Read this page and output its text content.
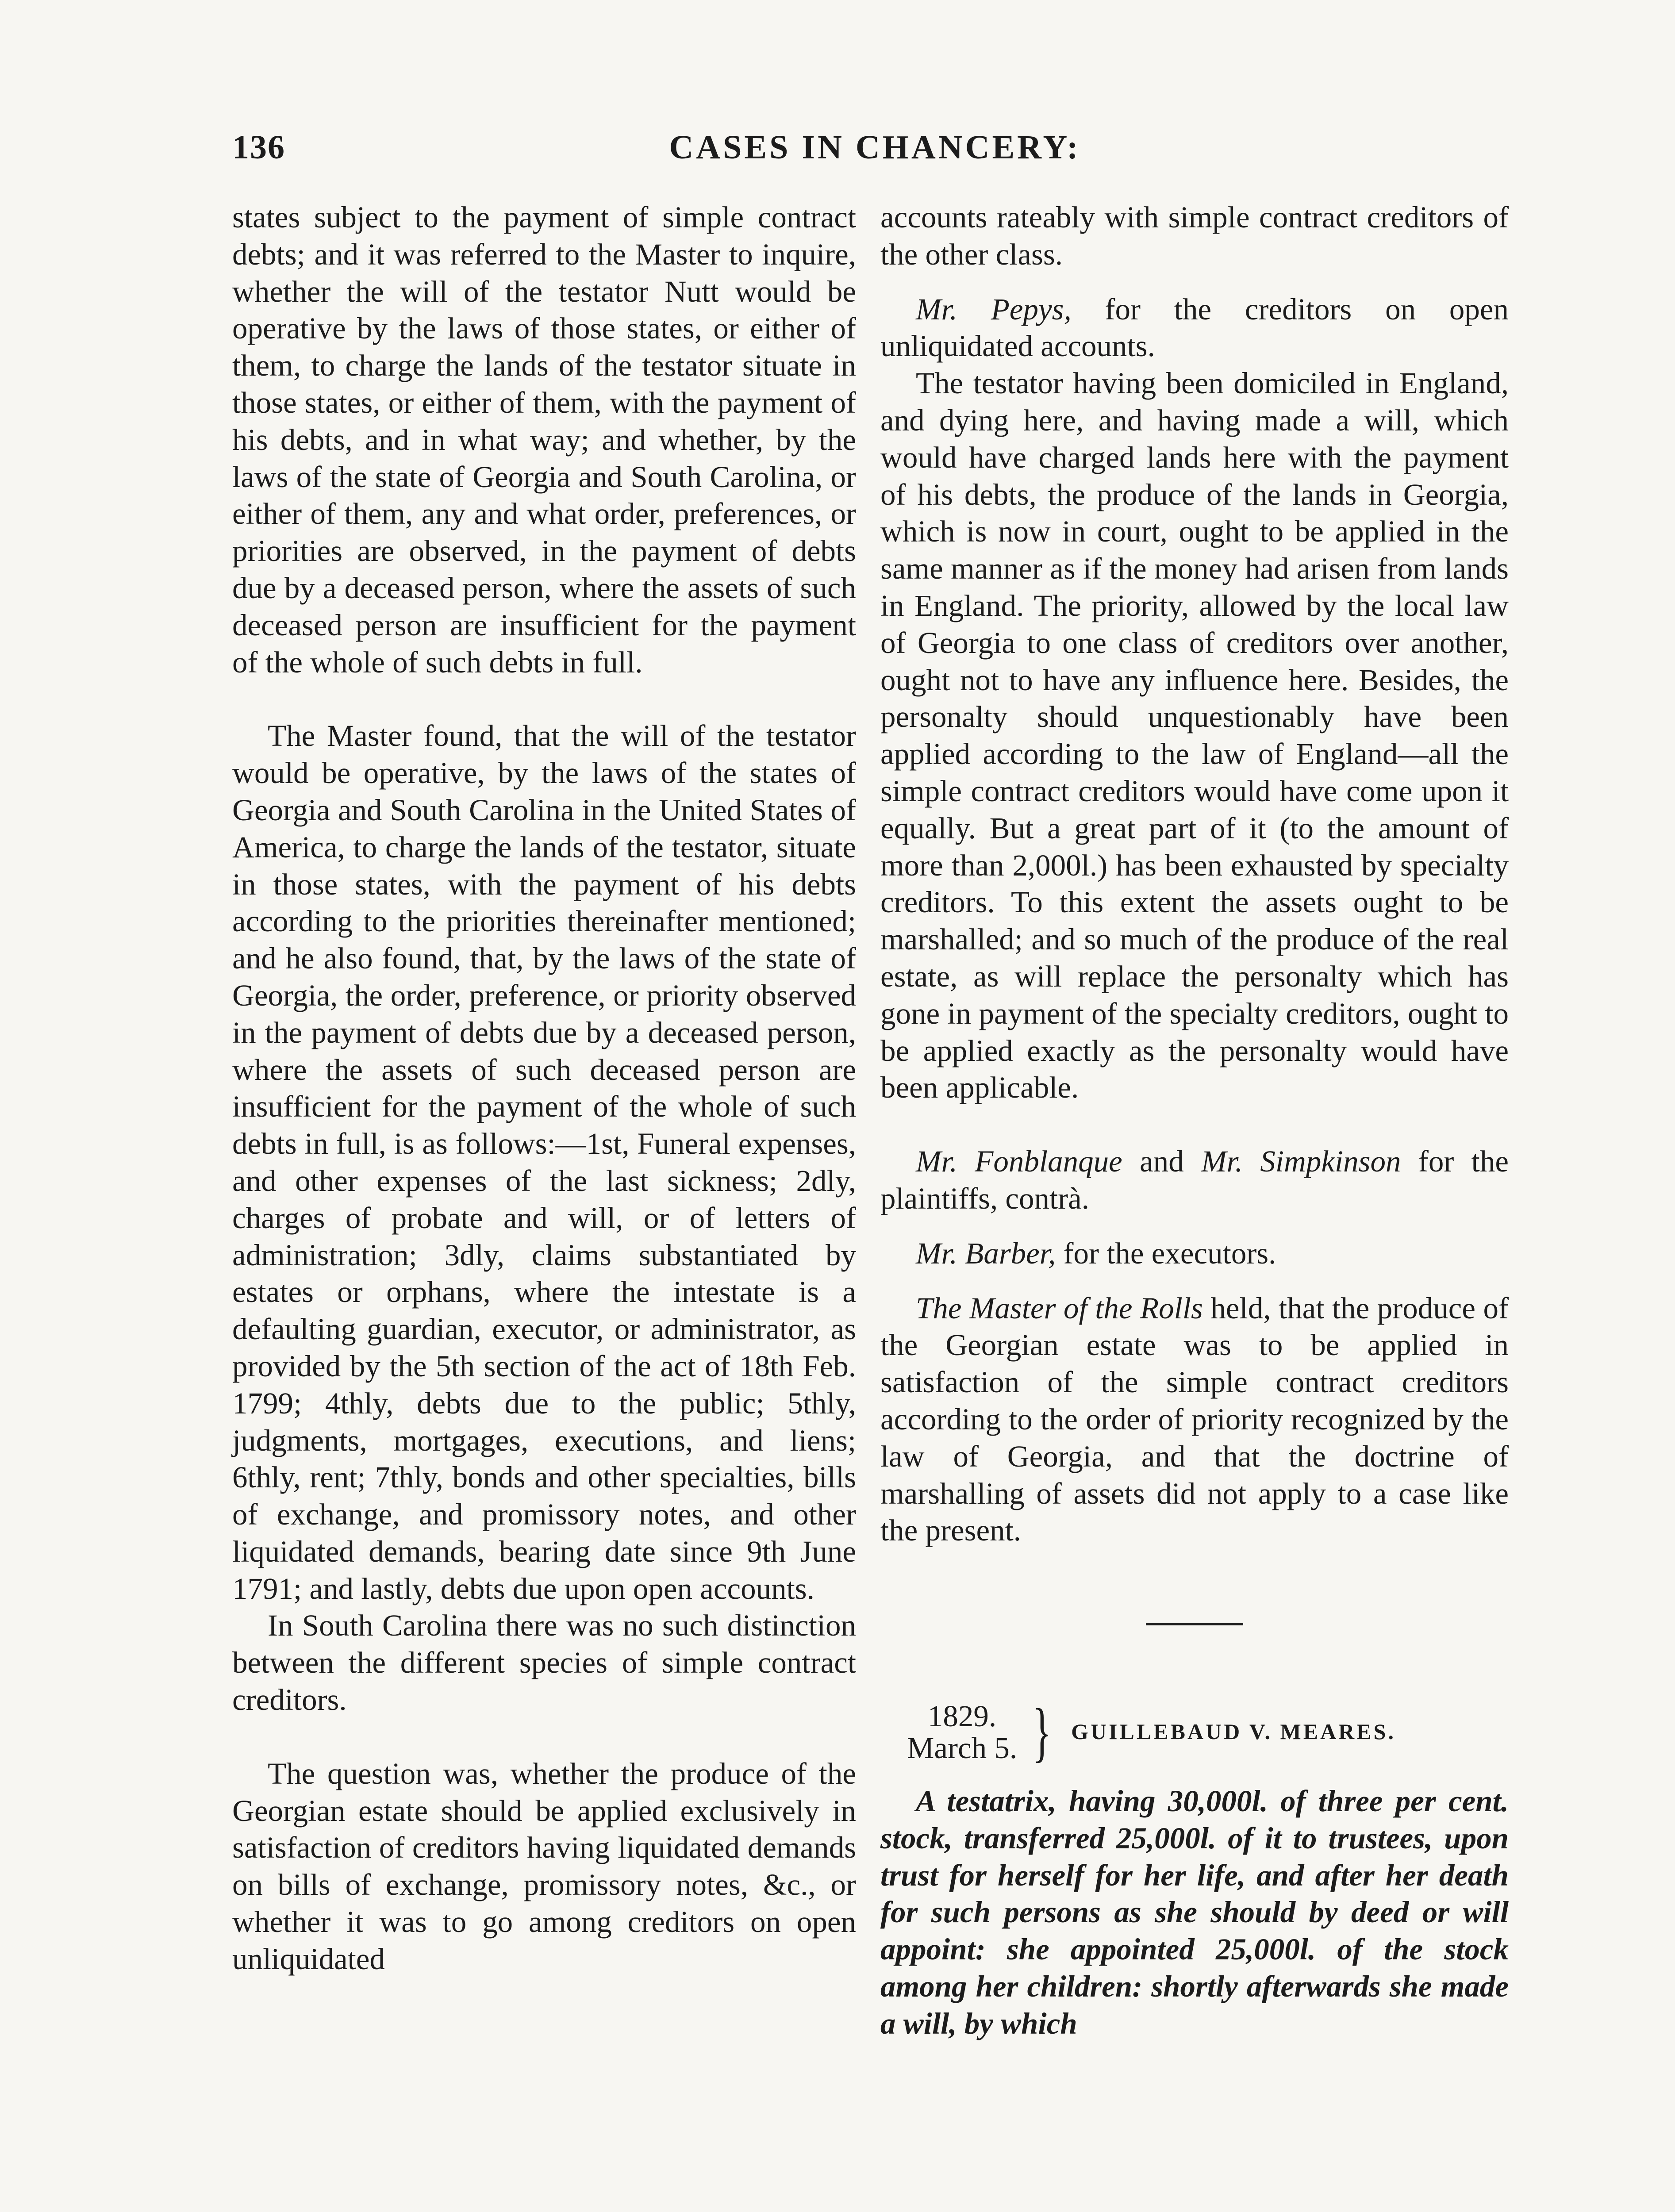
136	CASES IN CHANCERY:

states subject to the payment of simple contract debts; and it was referred to the Master to inquire, whether the will of the testator Nutt would be operative by the laws of those states, or either of them, to charge the lands of the testator situate in those states, or either of them, with the payment of his debts, and in what way; and whether, by the laws of the state of Georgia and South Carolina, or either of them, any and what order, preferences, or priorities are observed, in the payment of debts due by a deceased person, where the assets of such deceased person are insufficient for the payment of the whole of such debts in full.

The Master found, that the will of the testator would be operative, by the laws of the states of Georgia and South Carolina in the United States of America, to charge the lands of the testator, situate in those states, with the payment of his debts according to the priorities thereinafter mentioned; and he also found, that, by the laws of the state of Georgia, the order, preference, or priority observed in the payment of debts due by a deceased person, where the assets of such deceased person are insufficient for the payment of the whole of such debts in full, is as follows:—1st, Funeral expenses, and other expenses of the last sickness; 2dly, charges of probate and will, or of letters of administration; 3dly, claims substantiated by estates or orphans, where the intestate is a defaulting guardian, executor, or administrator, as provided by the 5th section of the act of 18th Feb. 1799; 4thly, debts due to the public; 5thly, judgments, mortgages, executions, and liens; 6thly, rent; 7thly, bonds and other specialties, bills of exchange, and promissory notes, and other liquidated demands, bearing date since 9th June 1791; and lastly, debts due upon open accounts.

In South Carolina there was no such distinction between the different species of simple contract creditors.

The question was, whether the produce of the Georgian estate should be applied exclusively in satisfaction of creditors having liquidated demands on bills of exchange, promissory notes, &c., or whether it was to go among creditors on open unliquidated

accounts rateably with simple contract creditors of the other class.

Mr. Pepys, for the creditors on open unliquidated accounts.

The testator having been domiciled in England, and dying here, and having made a will, which would have charged lands here with the payment of his debts, the produce of the lands in Georgia, which is now in court, ought to be applied in the same manner as if the money had arisen from lands in England. The priority, allowed by the local law of Georgia to one class of creditors over another, ought not to have any influence here. Besides, the personalty should unquestionably have been applied according to the law of England—all the simple contract creditors would have come upon it equally. But a great part of it (to the amount of more than 2,000l.) has been exhausted by specialty creditors. To this extent the assets ought to be marshalled; and so much of the produce of the real estate, as will replace the personalty which has gone in payment of the specialty creditors, ought to be applied exactly as the personalty would have been applicable.

Mr. Fonblanque and Mr. Simpkinson for the plaintiffs, contrà.

Mr. Barber, for the executors.

The Master of the Rolls held, that the produce of the Georgian estate was to be applied in satisfaction of the simple contract creditors according to the order of priority recognized by the law of Georgia, and that the doctrine of marshalling of assets did not apply to a case like the present.

1829.
March 5. } GUILLEBAUD V. MEARES.

A testatrix, having 30,000l. of three per cent. stock, transferred 25,000l. of it to trustees, upon trust for herself for her life, and after her death for such persons as she should by deed or will appoint: she appointed 25,000l. of the stock among her children: shortly afterwards she made a will, by which
